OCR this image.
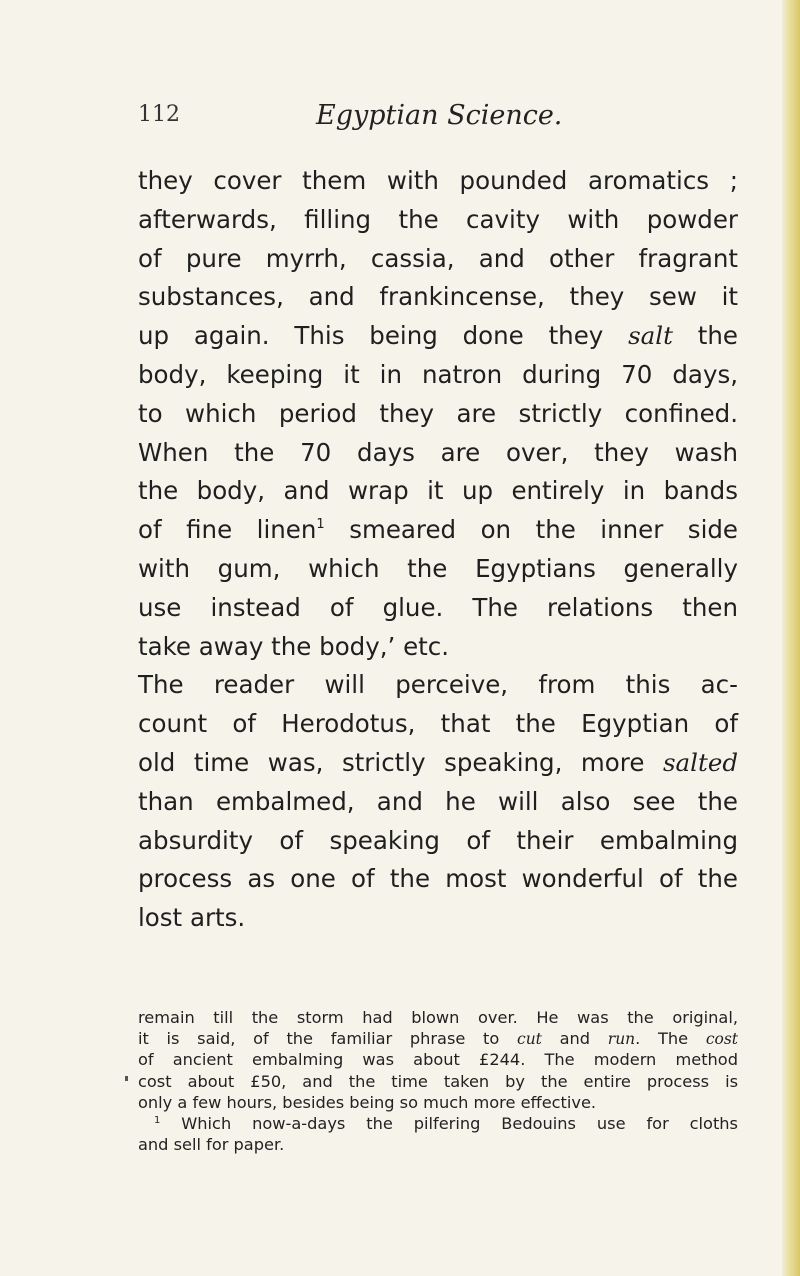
112	Egyptian Science.
they cover them with pounded aromatics ;
afterwards, filling the cavity with powder
of pure myrrh, cassia, and other fragrant
substances, and frankincense, they sew it
up again. This being done they salt the
body, keeping it in natron during 70 days,
to which period they are strictly confined.
When the 70 days are over, they wash
the body, and wrap it up entirely in bands
of fine linen$^1$ smeared on the inner side
with gum, which the Egyptians generally
use instead of glue. The relations then
take away the body,’ etc.
The reader will perceive, from this ac-
count of Herodotus, that the Egyptian of
old time was, strictly speaking, more salted
than embalmed, and he will also see the
absurdity of speaking of their embalming
process as one of the most wonderful of the
lost arts.
remain till the storm had blown over. He was the original,
it is said, of the familiar phrase to cut and run. The cost
of ancient embalming was about £244. The modern method
cost about £50, and the time taken by the entire process is
only a few hours, besides being so much more effective.
$^1$ Which now-a-days the pilfering Bedouins use for cloths
and sell for paper.
